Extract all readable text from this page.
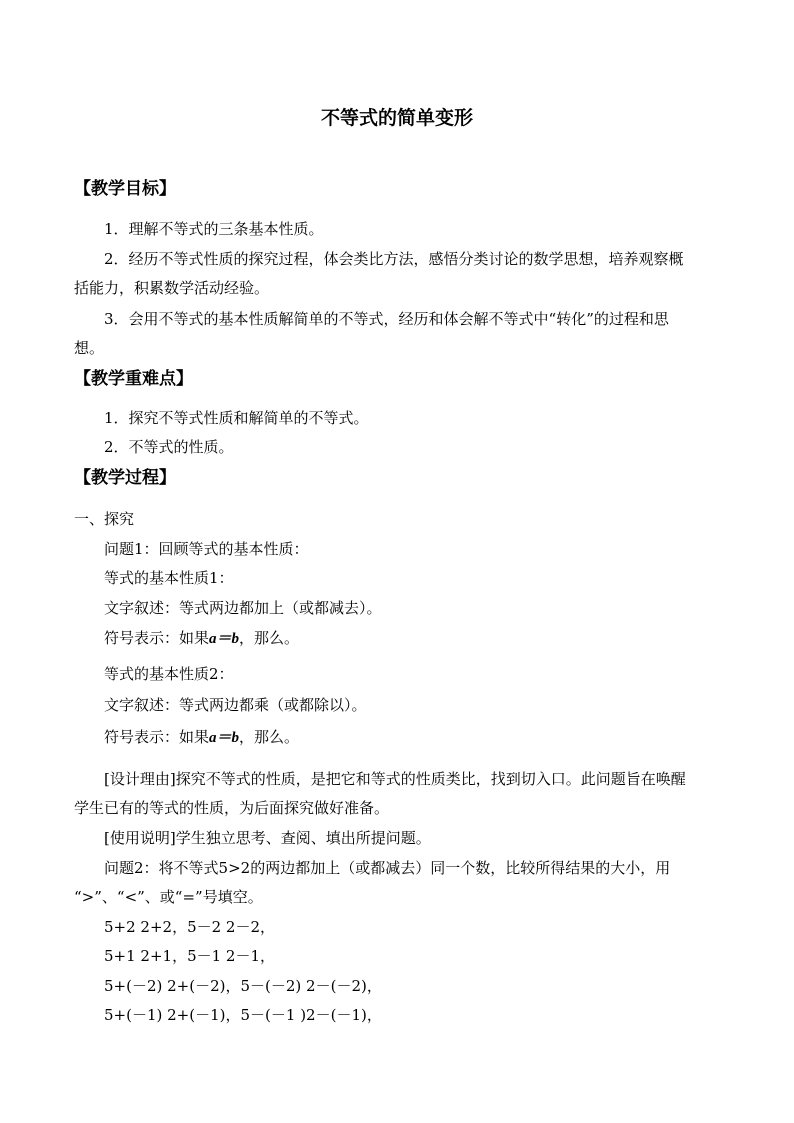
不等式的简单变形
【教学目标】
1．理解不等式的三条基本性质。
2．经历不等式性质的探究过程，体会类比方法，感悟分类讨论的数学思想，培养观察概
括能力，积累数学活动经验。
3．会用不等式的基本性质解简单的不等式，经历和体会解不等式中“转化”的过程和思
想。
【教学重难点】
1．探究不等式性质和解简单的不等式。
2．不等式的性质。
【教学过程】
一、探究
问题1：回顾等式的基本性质：
等式的基本性质1：
文字叙述：等式两边都加上（或都减去）。
符号表示：如果a＝b，那么。
等式的基本性质2：
文字叙述：等式两边都乘（或都除以）。
符号表示：如果a＝b，那么。
[设计理由]探究不等式的性质，是把它和等式的性质类比，找到切入口。此问题旨在唤醒
学生已有的等式的性质，为后面探究做好准备。
[使用说明]学生独立思考、查阅、填出所提问题。
问题2：将不等式5>2的两边都加上（或都减去）同一个数，比较所得结果的大小，用
“>”、“<”、或“=”号填空。
5+2 2+2，5－2 2－2，
5+1 2+1，5－1 2－1，
5+(－2) 2+(－2)，5－(－2) 2－(－2)，
5+(－1) 2+(－1)，5－(－1 )2－(－1)，
